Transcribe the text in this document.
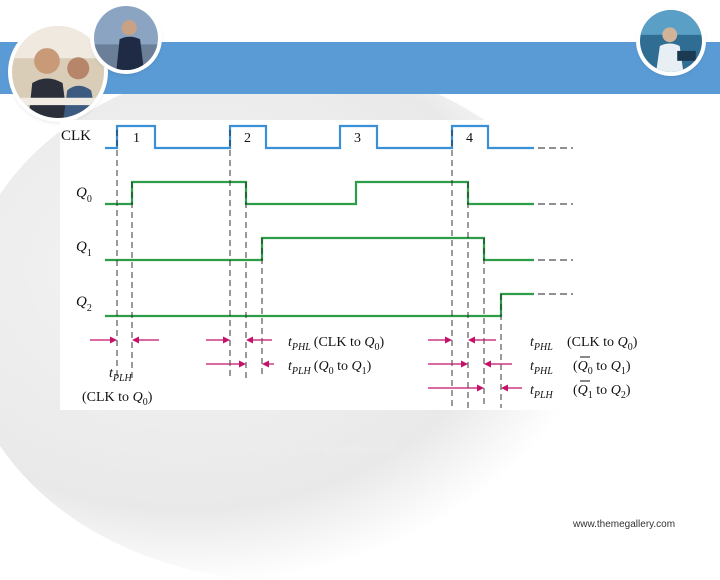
CLK
$Q_0$
$Q_1$
$Q_2$
1	2	3	4
$t_{PLH}$
(CLK to $Q_0$)
$t_{PHL}$ (CLK to $Q_0$)
$t_{PLH}$ ($Q_0$ to $Q_1$)
$t_{PHL}$ (CLK to $Q_0$)
$t_{PHL}$ ($Q_0$ to $Q_1$)
$t_{PLH}$ ($Q_1$ to $Q_2$)
Figure 9–4 Propagation delays in a 3-bit asynchronous
www.themegallery.com
